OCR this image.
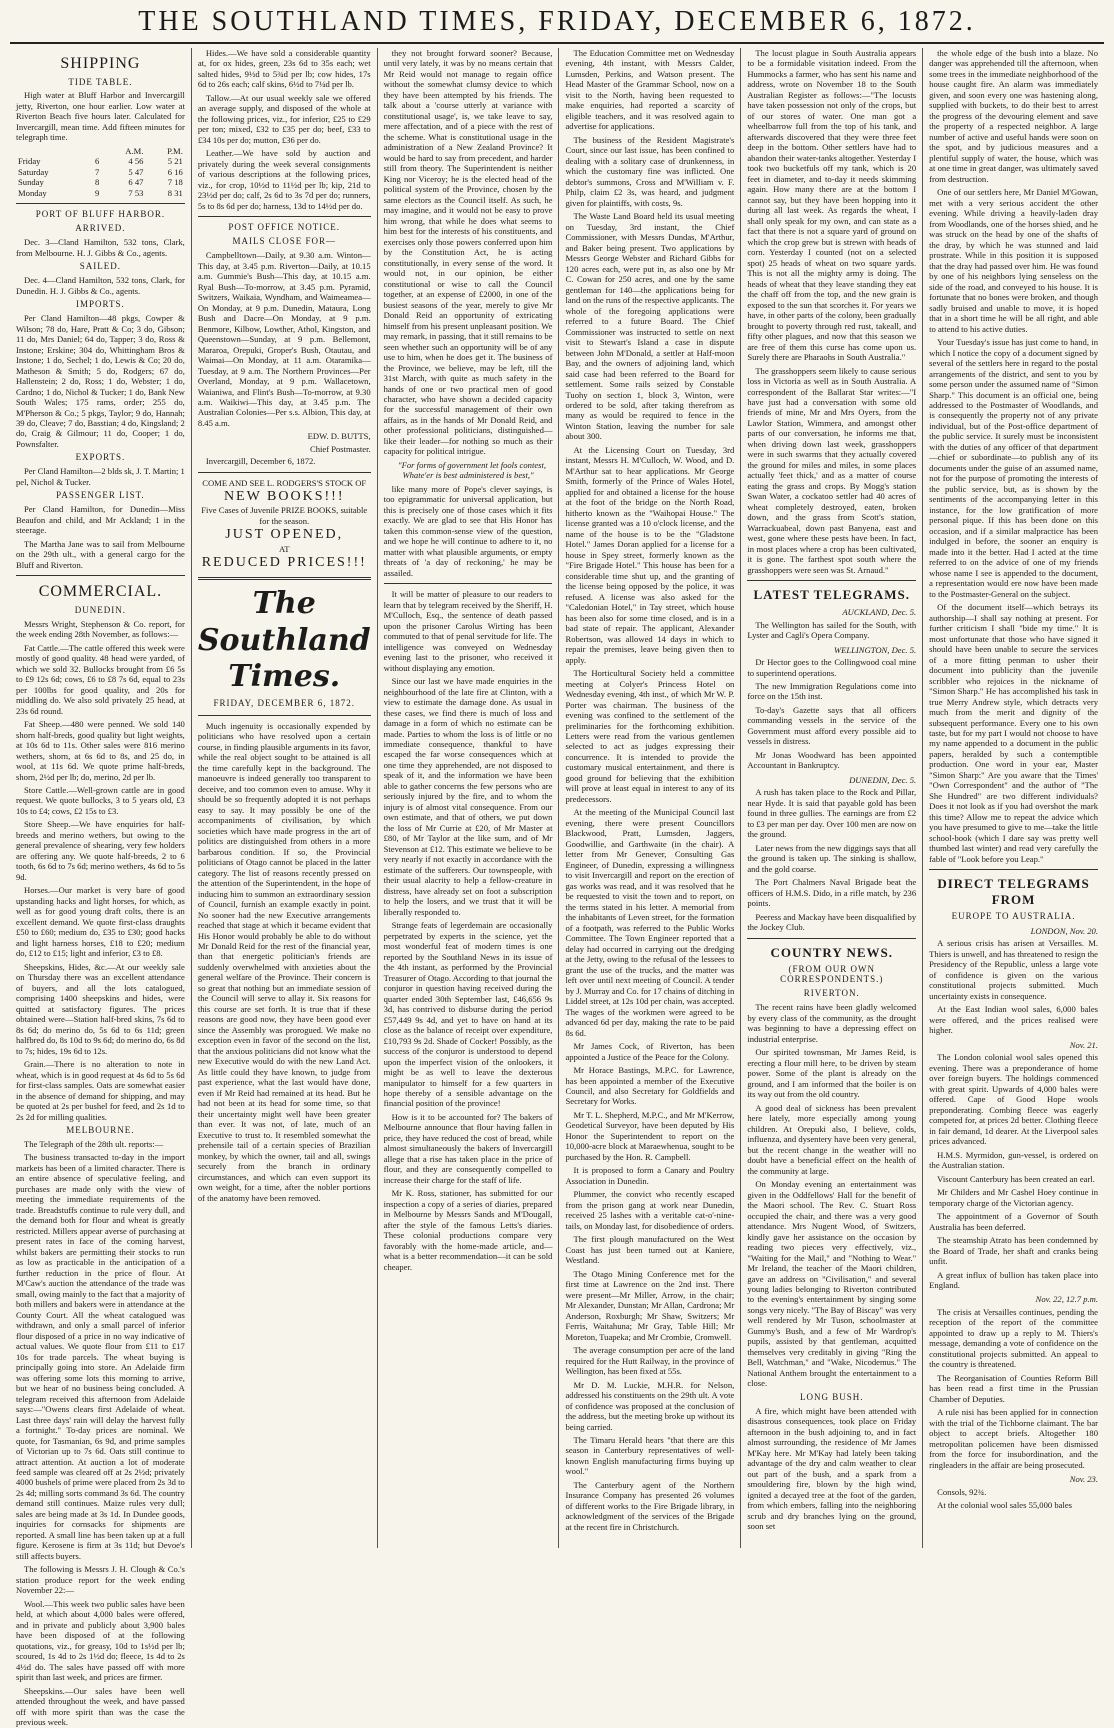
THE SOUTHLAND TIMES, FRIDAY, DECEMBER 6, 1872.
SHIPPING
TIDE TABLE.

High water at Bluff Harbor and Invercargill jetty, Riverton, one hour earlier. Low water at Riverton Beach five hours later. Calculated for Invercargill, mean time. Add fifteen minutes for telegraph time.

		A.M.	P.M.
Friday	6	4 56	5 21
Saturday	7	5 47	6 16
Sunday	8	6 47	7 18
Monday	9	7 53	8 31
PORT OF BLUFF HARBOR.
ARRIVED.

Dec. 3—Cland Hamilton, 532 tons, Clark, from Melbourne. H. J. Gibbs & Co., agents.

SAILED.

Dec. 4—Cland Hamilton, 532 tons, Clark, for Dunedin. H. J. Gibbs & Co., agents.

IMPORTS.

Per Cland Hamilton—48 pkgs, Cowper & Wilson; 78 do, Hare, Pratt & Co; 3 do, Gibson; 11 do, Mrs Daniel; 64 do, Tapper; 3 do, Ross & Instone; Erskine; 304 do, Whittingham Bros & Instone; 1 do, Sechel; 1 do, Lewis & Co; 20 do, Matheson & Smith; 5 do, Rodgers; 67 do, Hallenstein; 2 do, Ross; 1 do, Webster; 1 do, Cardno; 1 do, Nichol & Tucker; 1 do, Bank New South Wales; 175 rams, order; 255 do, M'Pherson & Co.; 5 pkgs, Taylor; 9 do, Hannah; 39 do, Cleave; 7 do, Basstian; 4 do, Kingsland; 2 do, Craig & Gilmour; 11 do, Cooper; 1 do, Pownsfalter.

EXPORTS.

Per Cland Hamilton—2 blds sk, J. T. Martin; 1 pel, Nichol & Tucker.

PASSENGER LIST.

Per Cland Hamilton, for Dunedin—Miss Beaufon and child, and Mr Ackland; 1 in the steerage.

The Martha Jane was to sail from Melbourne on the 29th ult., with a general cargo for the Bluff and Riverton.

COMMERCIAL.
DUNEDIN.

Messrs Wright, Stephenson & Co. report, for the week ending 28th November, as follows:—

Fat Cattle.—The cattle offered this week were mostly of good quality. 48 head were yarded, of which we sold 32. Bullocks brought from £6 5s to £9 12s 6d; cows, £6 to £8 7s 6d, equal to 23s per 100lbs for good quality, and 20s for middling do. We also sold privately 25 head, at 23s 6d round.

Fat Sheep.—480 were penned. We sold 140 shorn half-breds, good quality but light weights, at 10s 6d to 11s. Other sales were 816 merino wethers, shorn, at 6s 6d to 8s, and 25 do, in wool, at 11s 6d. We quote prime half-breds, shorn, 2½d per lb; do, merino, 2d per lb.

Store Cattle.—Well-grown cattle are in good request. We quote bullocks, 3 to 5 years old, £3 10s to £4; cows, £2 15s to £3.

Store Sheep.—We have enquiries for half-breeds and merino wethers, but owing to the general prevalence of shearing, very few holders are offering any. We quote half-breeds, 2 to 6 tooth, 6s 6d to 7s 6d; merino wethers, 4s 6d to 5s 9d.

Horses.—Our market is very bare of good upstanding hacks and light horses, for which, as well as for good young draft colts, there is an excellent demand. We quote first-class draughts £50 to £60; medium do, £35 to £30; good hacks and light harness horses, £18 to £20; medium do, £12 to £15; light and inferior, £3 to £8.

Sheepskins, Hides, &c.—At our weekly sale on Thursday there was an excellent attendance of buyers, and all the lots catalogued, comprising 1400 sheepskins and hides, were quitted at satisfactory figures. The prices obtained were—Station half-bred skins, 7s 6d to 8s 6d; do merino do, 5s 6d to 6s 11d; green halfbred do, 8s 10d to 9s 6d; do merino do, 6s 8d to 7s; hides, 19s 6d to 12s.

Grain.—There is no alteration to note in wheat, which is in good request at 4s 6d to 5s 6d for first-class samples. Oats are somewhat easier in the absence of demand for shipping, and may be quoted at 2s per bushel for feed, and 2s 1d to 2s 2d for milling qualities.

MELBOURNE.

The Telegraph of the 28th ult. reports:—

The business transacted to-day in the import markets has been of a limited character. There is an entire absence of speculative feeling, and purchases are made only with the view of meeting the immediate requirements of the trade. Breadstuffs continue to rule very dull, and the demand both for flour and wheat is greatly restricted. Millers appear averse of purchasing at present rates in face of the coming harvest, whilst bakers are permitting their stocks to run as low as practicable in the anticipation of a further reduction in the price of flour. At M'Caw's auction the attendance of the trade was small, owing mainly to the fact that a majority of both millers and bakers were in attendance at the County Court. All the wheat catalogued was withdrawn, and only a small parcel of inferior flour disposed of a price in no way indicative of actual values. We quote flour from £11 to £17 10s for trade parcels. The wheat buying is principally going into store. An Adelaide firm was offering some lots this morning to arrive, but we hear of no business being concluded. A telegram received this afternoon from Adelaide says:—"Owens clears first Adelaide of wheat. Last three days' rain will delay the harvest fully a fortnight." To-day prices are nominal. We quote, for Tasmanian, 6s 9d, and prime samples of Victorian up to 7s 6d. Oats still continue to attract attention. At auction a lot of moderate feed sample was cleared off at 2s 2½d; privately 4000 bushels of prime were placed from 2s 3d to 2s 4d; milling sorts command 3s 6d. The country demand still continues. Maize rules very dull; sales are being made at 3s 1d. In Dundee goods, inquiries for cornsacks for shipments are reported. A small line has been taken up at a full figure. Kerosene is firm at 3s 11d; but Devoe's still affects buyers.

The following is Messrs J. H. Clough & Co.'s station produce report for the week ending November 22:—

Wool.—This week two public sales have been held, at which about 4,000 bales were offered, and in private and publicly about 3,900 bales have been disposed of at the following quotations, viz., for greasy, 10d to 1s½d per lb; scoured, 1s 4d to 2s 1½d do; fleece, 1s 4d to 2s 4½d do. The sales have passed off with more spirit than last week, and prices are firmer.

Sheepskins.—Our sales have been well attended throughout the week, and have passed off with more spirit than was the case the previous week.

Hides.—We have sold a considerable quantity at, for ox hides, green, 23s 6d to 35s each; wet salted hides, 9½d to 5¾d per lb; cow hides, 17s 6d to 26s each; calf skins, 6½d to 7¼d per lb.

Tallow.—At our usual weekly sale we offered an average supply, and disposed of the whole at the following prices, viz., for inferior, £25 to £29 per ton; mixed, £32 to £35 per do; beef, £33 to £34 10s per do; mutton, £36 per do.

Leather.—We have sold by auction and privately during the week several consignments of various descriptions at the following prices, viz., for crop, 10½d to 11½d per lb; kip, 21d to 23½d per do; calf, 2s 6d to 3s 7d per do; runners, 5s to 8s 6d per do; harness, 13d to 14½d per do.

POST OFFICE NOTICE.
MAILS CLOSE FOR—

Campbelltown—Daily, at 9.30 a.m. Winton—This day, at 3.45 p.m. Riverton—Daily, at 10.15 a.m. Gummie's Bush—This day, at 10.15 a.m. Ryal Bush—To-morrow, at 3.45 p.m. Pyramid, Switzers, Waikaia, Wyndham, and Waimeamea—On Monday, at 9 p.m. Dunedin, Mataura, Long Bush and Dacre—On Monday, at 9 p.m. Benmore, Kilbow, Lowther, Athol, Kingston, and Queenstown—Sunday, at 9 p.m. Bellemont, Mararoa, Orepuki, Groper's Bush, Otautau, and Waimai—On Monday, at 11 a.m. Otaramika—Tuesday, at 9 a.m. The Northern Provinces—Per Overland, Monday, at 9 p.m. Wallacetown, Waianiwa, and Flint's Bush—To-morrow, at 9.30 a.m. Waikiwi—This day, at 3.45 p.m. The Australian Colonies—Per s.s. Albion, This day, at 8.45 a.m.

EDW. D. BUTTS,
Chief Postmaster.

Invercargill, December 6, 1872.

COME AND SEE L. RODGERS'S STOCK OF
NEW BOOKS!!!
Five Cases of Juvenile PRIZE BOOKS, suitable for the season.
JUST OPENED,
AT
REDUCED PRICES!!!
The Southland Times.
FRIDAY, DECEMBER 6, 1872.

Much ingenuity is occasionally expended by politicians who have resolved upon a certain course, in finding plausible arguments in its favor, while the real object sought to be attained is all the time carefully kept in the background. The manoeuvre is indeed generally too transparent to deceive, and too common even to amuse. Why it should be so frequently adopted it is not perhaps easy to say. It may possibly be one of the accompaniments of civilisation, by which societies which have made progress in the art of politics are distinguished from others in a more barbarous condition. If so, the Provincial politicians of Otago cannot be placed in the latter category. The list of reasons recently pressed on the attention of the Superintendent, in the hope of inducing him to summon an extraordinary session of Council, furnish an example exactly in point. No sooner had the new Executive arrangements reached that stage at which it became evident that His Honor would probably be able to do without Mr Donald Reid for the rest of the financial year, than that energetic politician's friends are suddenly overwhelmed with anxieties about the general welfare of the Province. Their concern is so great that nothing but an immediate session of the Council will serve to allay it. Six reasons for this course are set forth. It is true that if these reasons are good now, they have been good ever since the Assembly was prorogued. We make no exception even in favor of the second on the list, that the anxious politicians did not know what the new Executive would do with the new Land Act. As little could they have known, to judge from past experience, what the last would have done, even if Mr Reid had remained at its head. But he had not been at its head for some time, so that their uncertainty might well have been greater than ever. It was not, of late, much of an Executive to trust to. It resembled somewhat the prehensile tail of a certain species of Brazilian monkey, by which the owner, tail and all, swings securely from the branch in ordinary circumstances, and which can even support its own weight, for a time, after the nobler portions of the anatomy have been removed.

they not brought forward sooner? Because, until very lately, it was by no means certain that Mr Reid would not manage to regain office without the somewhat clumsy device to which they have been attempted by his friends. The talk about a 'course utterly at variance with constitutional usage', is, we take leave to say, mere affectation, and of a piece with the rest of the scheme. What is constitutional usage in the administration of a New Zealand Province? It would be hard to say from precedent, and harder still from theory. The Superintendent is neither King nor Viceroy; he is the elected head of the political system of the Province, chosen by the same electors as the Council itself. As such, he may imagine, and it would not be easy to prove him wrong, that while he does what seems to him best for the interests of his constituents, and exercises only those powers conferred upon him by the Constitution Act, he is acting constitutionally, in every sense of the word. It would not, in our opinion, be either constitutional or wise to call the Council together, at an expense of £2000, in one of the busiest seasons of the year, merely to give Mr Donald Reid an opportunity of extricating himself from his present unpleasant position. We may remark, in passing, that it still remains to be seen whether such an opportunity will be of any use to him, when he does get it. The business of the Province, we believe, may be left, till the 31st March, with quite as much safety in the hands of one or two practical men of good character, who have shown a decided capacity for the successful management of their own affairs, as in the hands of Mr Donald Reid, and other professional politicians, distinguished—like their leader—for nothing so much as their capacity for political intrigue.

"For forms of government let fools contest, Whate'er is best administered is best,"

like many more of Pope's clever sayings, is too epigrammatic for universal application, but this is precisely one of those cases which it fits exactly. We are glad to see that His Honor has taken this common-sense view of the question, and we hope he will continue to adhere to it, no matter with what plausible arguments, or empty threats of 'a day of reckoning,' he may be assailed.

It will be matter of pleasure to our readers to learn that by telegram received by the Sheriff, H. M'Culloch, Esq., the sentence of death passed upon the prisoner Carolus Wirting has been commuted to that of penal servitude for life. The intelligence was conveyed on Wednesday evening last to the prisoner, who received it without displaying any emotion.

Since our last we have made enquiries in the neighbourhood of the late fire at Clinton, with a view to estimate the damage done. As usual in these cases, we find there is much of loss and damage in a form of which no estimate can be made. Parties to whom the loss is of little or no immediate consequence, thankful to have escaped the far worse consequences which at one time they apprehended, are not disposed to speak of it, and the information we have been able to gather concerns the few persons who are seriously injured by the fire, and to whom the injury is of almost vital consequence. From our own estimate, and that of others, we put down the loss of Mr Currie at £20, of Mr Master at £80, of Mr Taylor at the like sum, and of Mr Stevenson at £12. This estimate we believe to be very nearly if not exactly in accordance with the estimate of the sufferers. Our townspeople, with their usual alacrity to help a fellow-creature in distress, have already set on foot a subscription to help the losers, and we trust that it will be liberally responded to.

Strange feats of legerdemain are occasionally perpetrated by experts in the science, yet the most wonderful feat of modern times is one reported by the Southland News in its issue of the 4th instant, as performed by the Provincial Treasurer of Otago. According to that journal the conjuror in question having received during the quarter ended 30th September last, £46,656 9s 3d, has contrived to disburse during the period £57,449 9s 4d, and yet to have on hand at its close as the balance of receipt over expenditure, £10,793 9s 2d. Shade of Cocker! Possibly, as the success of the conjuror is understood to depend upon the imperfect vision of the onlookers, it might be as well to leave the dexterous manipulator to himself for a few quarters in hope thereby of a sensible advantage on the financial position of the province!

How is it to be accounted for? The bakers of Melbourne announce that flour having fallen in price, they have reduced the cost of bread, while almost simultaneously the bakers of Invercargill allege that a rise has taken place in the price of flour, and they are consequently compelled to increase their charge for the staff of life.

Mr K. Ross, stationer, has submitted for our inspection a copy of a series of diaries, prepared in Melbourne by Messrs Sands and M'Dougall, after the style of the famous Letts's diaries. These colonial productions compare very favorably with the home-made article, and—what is a better recommendation—it can be sold cheaper.

The Education Committee met on Wednesday evening, 4th instant, with Messrs Calder, Lumsden, Perkins, and Watson present. The Head Master of the Grammar School, now on a visit to the North, having been requested to make enquiries, had reported a scarcity of eligible teachers, and it was resolved again to advertise for applications.

The business of the Resident Magistrate's Court, since our last issue, has been confined to dealing with a solitary case of drunkenness, in which the customary fine was inflicted. One debtor's summons, Cross and M'William v. F. Philp, claim £2 3s, was heard, and judgment given for plaintiffs, with costs, 9s.

The Waste Land Board held its usual meeting on Tuesday, 3rd instant, the Chief Commissioner, with Messrs Dundas, M'Arthur, and Baker being present. Two applications by Messrs George Webster and Richard Gibbs for 120 acres each, were put in, as also one by Mr C. Cowan for 250 acres, and one by the same gentleman for 140—the applications being for land on the runs of the respective applicants. The whole of the foregoing applications were referred to a future Board. The Chief Commissioner was instructed to settle on next visit to Stewart's Island a case in dispute between John M'Donald, a settler at Half-moon Bay, and the owners of adjoining land, which said case had been referred to the Board for settlement. Some rails seized by Constable Tuohy on section 1, block 3, Winton, were ordered to be sold, after taking therefrom as many as would be required to fence in the Winton Station, leaving the number for sale about 300.

At the Licensing Court on Tuesday, 3rd instant, Messrs H. M'Culloch, W. Wood, and D. M'Arthur sat to hear applications. Mr George Smith, formerly of the Prince of Wales Hotel, applied for and obtained a license for the house at the foot of the bridge on the North Road, hitherto known as the "Waihopai House." The license granted was a 10 o'clock license, and the name of the house is to be the "Gladstone Hotel." James Doran applied for a license for a house in Spey street, formerly known as the "Fire Brigade Hotel." This house has been for a considerable time shut up, and the granting of the license being opposed by the police, it was refused. A license was also asked for the "Caledonian Hotel," in Tay street, which house has been also for some time closed, and is in a bad state of repair. The applicant, Alexander Robertson, was allowed 14 days in which to repair the premises, leave being given then to apply.

The Horticultural Society held a committee meeting at Colyer's Princess Hotel on Wednesday evening, 4th inst., of which Mr W. P. Porter was chairman. The business of the evening was confined to the settlement of the preliminaries for the forthcoming exhibition. Letters were read from the various gentlemen selected to act as judges expressing their concurrence. It is intended to provide the customary musical entertainment, and there is good ground for believing that the exhibition will prove at least equal in interest to any of its predecessors.

At the meeting of the Municipal Council last evening, there were present Councillors Blackwood, Pratt, Lumsden, Jaggers, Goodwillie, and Garthwaite (in the chair). A letter from Mr Genever, Consulting Gas Engineer, of Dunedin, expressing a willingness to visit Invercargill and report on the erection of gas works was read, and it was resolved that he be requested to visit the town and to report, on the terms stated in his letter. A memorial from the inhabitants of Leven street, for the formation of a footpath, was referred to the Public Works Committee. The Town Engineer reported that a delay had occurred in carrying out the dredging at the Jetty, owing to the refusal of the lessees to grant the use of the trucks, and the matter was left over until next meeting of Council. A tender by J. Murray and Co. for 17 chains of ditching in Liddel street, at 12s 10d per chain, was accepted. The wages of the workmen were agreed to be advanced 6d per day, making the rate to be paid 8s 6d.

Mr James Cock, of Riverton, has been appointed a Justice of the Peace for the Colony.

Mr Horace Bastings, M.P.C. for Lawrence, has been appointed a member of the Executive Council, and also Secretary for Goldfields and Secretary for Works.

Mr T. L. Shepherd, M.P.C., and Mr M'Kerrow, Geodetical Surveyor, have been deputed by His Honor the Superintendent to report on the 10,000-acre block at Maraewhenua, sought to be purchased by the Hon. R. Campbell.

It is proposed to form a Canary and Poultry Association in Dunedin.

Plummer, the convict who recently escaped from the prison gang at work near Dunedin, received 25 lashes with a veritable cat-o'-nine-tails, on Monday last, for disobedience of orders.

The first plough manufactured on the West Coast has just been turned out at Kaniere, Westland.

The Otago Mining Conference met for the first time at Lawrence on the 2nd inst. There were present—Mr Miller, Arrow, in the chair; Mr Alexander, Dunstan; Mr Allan, Cardrona; Mr Anderson, Roxburgh; Mr Shaw, Switzers; Mr Ferris, Waitahuna; Mr Gray, Table Hill; Mr Moreton, Tuapeka; and Mr Crombie, Cromwell.

The average consumption per acre of the land required for the Hutt Railway, in the province of Wellington, has been fixed at 55s.

Mr D. M. Luckie, M.H.R. for Nelson, addressed his constituents on the 29th ult. A vote of confidence was proposed at the conclusion of the address, but the meeting broke up without its being carried.

The Timaru Herald hears "that there are this season in Canterbury representatives of well-known English manufacturing firms buying up wool."

The Canterbury agent of the Northern Insurance Company has presented 26 volumes of different works to the Fire Brigade library, in acknowledgment of the services of the Brigade at the recent fire in Christchurch.

The locust plague in South Australia appears to be a formidable visitation indeed. From the Hummocks a farmer, who has sent his name and address, wrote on November 18 to the South Australian Register as follows:—"The locusts have taken possession not only of the crops, but of our stores of water. One man got a wheelbarrow full from the top of his tank, and afterwards discovered that they were three feet deep in the bottom. Other settlers have had to abandon their water-tanks altogether. Yesterday I took two bucketfuls off my tank, which is 20 feet in diameter, and to-day it needs skimming again. How many there are at the bottom I cannot say, but they have been hopping into it during all last week. As regards the wheat, I shall only speak for my own, and can state as a fact that there is not a square yard of ground on which the crop grew but is strewn with heads of corn. Yesterday I counted (not on a selected spot) 25 heads of wheat on two square yards. This is not all the mighty army is doing. The heads of wheat that they leave standing they eat the chaff off from the top, and the new grain is exposed to the sun that scorches it. For years we have, in other parts of the colony, been gradually brought to poverty through red rust, takeall, and fifty other plagues, and now that this season we are free of them this curse has come upon us. Surely there are Pharaohs in South Australia."

The grasshoppers seem likely to cause serious loss in Victoria as well as in South Australia. A correspondent of the Ballarat Star writes:—"I have just had a conversation with some old friends of mine, Mr and Mrs Oyers, from the Lawlor Station, Wimmera, and amongst other parts of our conversation, he informs me that, when driving down last week, grasshoppers were in such swarms that they actually covered the ground for miles and miles, in some places actually 'feet thick,' and as a matter of course eating the grass and crops. By Mogg's station Swan Water, a cockatoo settler had 40 acres of wheat completely destroyed, eaten, broken down, and the grass from Scott's station, Warrackuabeal, down past Banyena, east and west, gone where these pests have been. In fact, in most places where a crop has been cultivated, it is gone. The farthest spot south where the grasshoppers were seen was St. Arnaud."

LATEST TELEGRAMS.
AUCKLAND, Dec. 5.

The Wellington has sailed for the South, with Lyster and Cagli's Opera Company.

WELLINGTON, Dec. 5.

Dr Hector goes to the Collingwood coal mine to superintend operations.

The new Immigration Regulations come into force on the 15th inst.

To-day's Gazette says that all officers commanding vessels in the service of the Government must afford every possible aid to vessels in distress.

Mr Jonas Woodward has been appointed Accountant in Bankruptcy.

DUNEDIN, Dec. 5.

A rush has taken place to the Rock and Pillar, near Hyde. It is said that payable gold has been found in three gullies. The earnings are from £2 to £3 per man per day. Over 100 men are now on the ground.

Later news from the new diggings says that all the ground is taken up. The sinking is shallow, and the gold coarse.

The Port Chalmers Naval Brigade beat the officers of H.M.S. Dido, in a rifle match, by 236 points.

Peeress and Mackay have been disqualified by the Jockey Club.

COUNTRY NEWS.
(FROM OUR OWN CORRESPONDENTS.)
RIVERTON.

The recent rains have been gladly welcomed by every class of the community, as the drought was beginning to have a depressing effect on industrial enterprise.

Our spirited townsman, Mr James Reid, is erecting a flour mill here, to be driven by steam power. Some of the plant is already on the ground, and I am informed that the boiler is on its way out from the old country.

A good deal of sickness has been prevalent here lately, more especially among young children. At Orepuki also, I believe, colds, influenza, and dysentery have been very general, but the recent change in the weather will no doubt have a beneficial effect on the health of the community at large.

On Monday evening an entertainment was given in the Oddfellows' Hall for the benefit of the Maori school. The Rev. C. Stuart Ross occupied the chair, and there was a very good attendance. Mrs Nugent Wood, of Switzers, kindly gave her assistance on the occasion by reading two pieces very effectively, viz., "Waiting for the Mail," and "Nothing to Wear." Mr Ireland, the teacher of the Maori children, gave an address on "Civilisation," and several young ladies belonging to Riverton contributed to the evening's entertainment by singing some songs very nicely. "The Bay of Biscay" was very well rendered by Mr Tuson, schoolmaster at Gummy's Bush, and a few of Mr Wardrop's pupils, assisted by that gentleman, acquitted themselves very creditably in giving "Ring the Bell, Watchman," and "Wake, Nicodemus." The National Anthem brought the entertainment to a close.

LONG BUSH.

A fire, which might have been attended with disastrous consequences, took place on Friday afternoon in the bush adjoining to, and in fact almost surrounding, the residence of Mr James M'Kay here. Mr M'Kay had lately been taking advantage of the dry and calm weather to clear out part of the bush, and a spark from a smouldering fire, blown by the high wind, ignited a decayed tree at the foot of the garden, from which embers, falling into the neighboring scrub and dry branches lying on the ground, soon set

the whole edge of the bush into a blaze. No danger was apprehended till the afternoon, when some trees in the immediate neighborhood of the house caught fire. An alarm was immediately given, and soon every one was hastening along, supplied with buckets, to do their best to arrest the progress of the devouring element and save the property of a respected neighbor. A large number of active and useful hands were soon on the spot, and by judicious measures and a plentiful supply of water, the house, which was at one time in great danger, was ultimately saved from destruction.

One of our settlers here, Mr Daniel M'Gowan, met with a very serious accident the other evening. While driving a heavily-laden dray from Woodlands, one of the horses shied, and he was struck on the head by one of the shafts of the dray, by which he was stunned and laid prostrate. While in this position it is supposed that the dray had passed over him. He was found by one of his neighbors lying senseless on the side of the road, and conveyed to his house. It is fortunate that no bones were broken, and though sadly bruised and unable to move, it is hoped that in a short time he will be all right, and able to attend to his active duties.

Your Tuesday's issue has just come to hand, in which I notice the copy of a document signed by several of the settlers here in regard to the postal arrangements of the district, and sent to you by some person under the assumed name of "Simon Sharp." This document is an official one, being addressed to the Postmaster of Woodlands, and is consequently the property not of any private individual, but of the Post-office department of the public service. It surely must be inconsistent with the duties of any officer of that department—chief or subordinate—to publish any of its documents under the guise of an assumed name, not for the purpose of promoting the interests of the public service, but, as is shown by the sentiments of the accompanying letter in this instance, for the low gratification of more personal pique. If this has been done on this occasion, and if a similar malpractice has been indulged in before, the sooner an enquiry is made into it the better. Had I acted at the time referred to on the advice of one of my friends whose name I see is appended to the document, a representation would ere now have been made to the Postmaster-General on the subject.

Of the document itself—which betrays its authorship—I shall say nothing at present. For further criticism I shall "bide my time." It is most unfortunate that those who have signed it should have been unable to secure the services of a more fitting penman to usher their document into publicity than the juvenile scribbler who rejoices in the nickname of "Simon Sharp." He has accomplished his task in true Merry Andrew style, which detracts very much from the merit and dignity of the subsequent performance. Every one to his own taste, but for my part I would not choose to have my name appended to a document in the public papers, heralded by such a contemptible production. One word in your ear, Master "Simon Sharp:" Are you aware that the Times' "Own Correspondent" and the author of "The She Hundred" are two different individuals? Does it not look as if you had overshot the mark this time? Allow me to repeat the advice which you have presumed to give to me—take the little school-book (which I dare say was pretty well thumbed last winter) and read very carefully the fable of "Look before you Leap."

DIRECT TELEGRAMS FROM
EUROPE TO AUSTRALIA.
LONDON, Nov. 20.

A serious crisis has arisen at Versailles. M. Thiers is unwell, and has threatened to resign the Presidency of the Republic, unless a large vote of confidence is given on the various constitutional projects submitted. Much uncertainty exists in consequence.

At the East Indian wool sales, 6,000 bales were offered, and the prices realised were higher.

Nov. 21.

The London colonial wool sales opened this evening. There was a preponderance of home over foreign buyers. The holdings commenced with great spirit. Upwards of 4,000 bales were offered. Cape of Good Hope wools preponderating. Combing fleece was eagerly competed for, at prices 2d better. Clothing fleece in fair demand, 1d dearer. At the Liverpool sales prices advanced.

H.M.S. Myrmidon, gun-vessel, is ordered on the Australian station.

Viscount Canterbury has been created an earl.

Mr Childers and Mr Cashel Hoey continue in temporary charge of the Victorian agency.

The appointment of a Governor of South Australia has been deferred.

The steamship Atrato has been condemned by the Board of Trade, her shaft and cranks being unfit.

A great influx of bullion has taken place into England.

Nov. 22, 12.7 p.m.

The crisis at Versailles continues, pending the reception of the report of the committee appointed to draw up a reply to M. Thiers's message, demanding a vote of confidence on the constitutional projects submitted. An appeal to the country is threatened.

The Reorganisation of Counties Reform Bill has been read a first time in the Prussian Chamber of Deputies.

A rule nisi has been applied for in connection with the trial of the Tichborne claimant. The bar object to accept briefs. Altogether 180 metropolitan policemen have been dismissed from the force for insubordination, and the ringleaders in the affair are being prosecuted.

Nov. 23.

Consols, 92¾.

At the colonial wool sales 55,000 bales
